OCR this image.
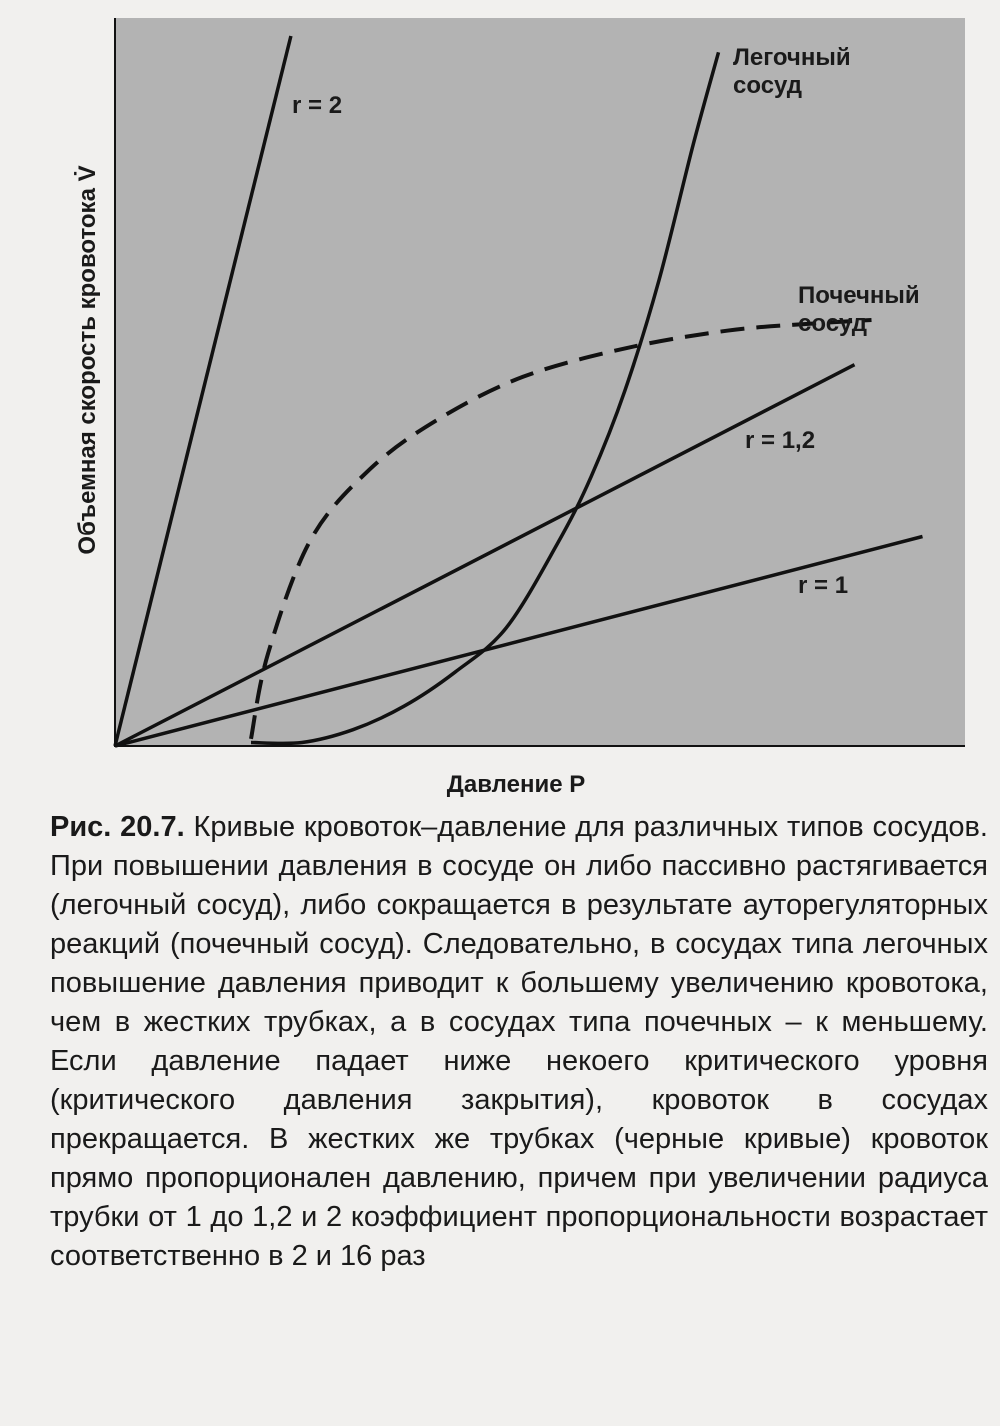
r = 2
Легочный сосуд
Почечный сосуд
r = 1,2
r = 1
Давление Р
Объемная скорость кровотока V̇

Рис. 20.7. Кривые кровоток–давление для различных типов сосудов. При повышении давления в сосуде он либо пассивно растягивается (легочный сосуд), либо сокращается в результате ауторегуляторных реакций (почечный сосуд). Следовательно, в сосудах типа легочных повышение давления приводит к большему увеличению кровотока, чем в жестких трубках, а в сосудах типа почечных – к меньшему. Если давление падает ниже некоего критического уровня (критического давления закрытия), кровоток в сосудах прекращается. В жестких же трубках (черные кривые) кровоток прямо пропорционален давлению, причем при увеличении радиуса трубки от 1 до 1,2 и 2 коэффициент пропорциональности возрастает соответственно в 2 и 16 раз
